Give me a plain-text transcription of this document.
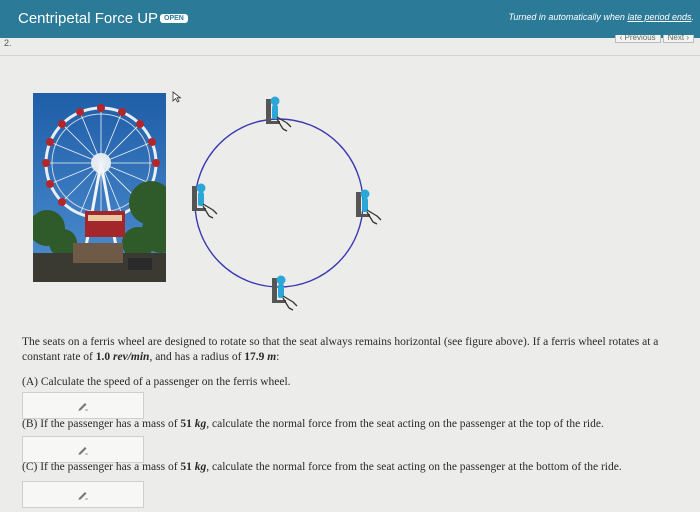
Centripetal Force UP OPEN	Turned in automatically when late period ends.
2.
‹ Previous	Next ›
The seats on a ferris wheel are designed to rotate so that the seat always remains horizontal (see figure above). If a ferris wheel rotates at a constant rate of 1.0 rev/min, and has a radius of 17.9 m:
(A) Calculate the speed of a passenger on the ferris wheel.
(B) If the passenger has a mass of 51 kg, calculate the normal force from the seat acting on the passenger at the top of the ride.
(C) If the passenger has a mass of 51 kg, calculate the normal force from the seat acting on the passenger at the bottom of the ride.
